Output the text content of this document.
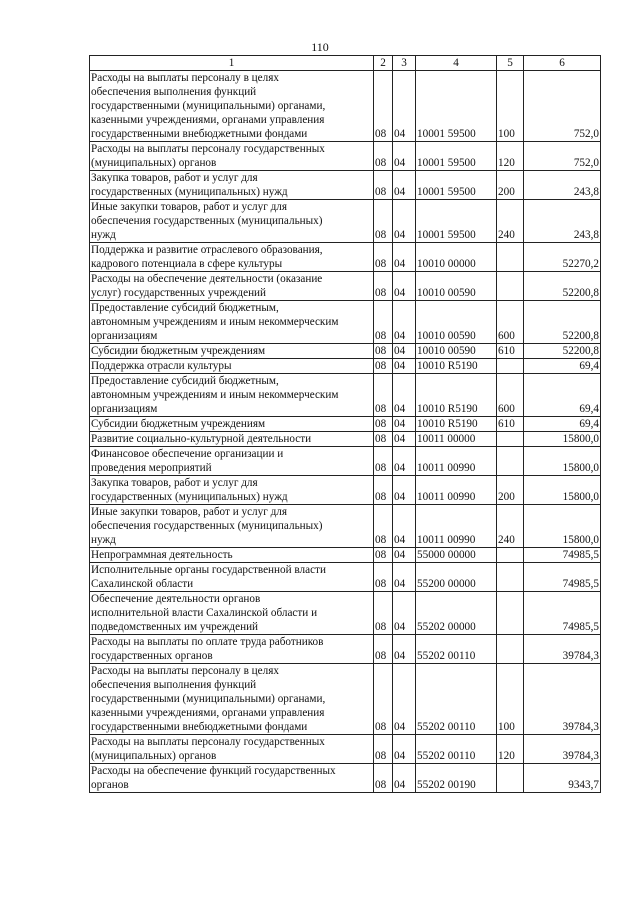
110
1	2	3	4	5	6
Расходы на выплаты персоналу в целях
обеспечения выполнения функций
государственными (муниципальными) органами,
казенными учреждениями, органами управления
государственными внебюджетными фондами	08	04	10001 59500	100	752,0
Расходы на выплаты персоналу государственных
(муниципальных) органов	08	04	10001 59500	120	752,0
Закупка товаров, работ и услуг для
государственных (муниципальных) нужд	08	04	10001 59500	200	243,8
Иные закупки товаров, работ и услуг для
обеспечения государственных (муниципальных)
нужд	08	04	10001 59500	240	243,8
Поддержка и развитие отраслевого образования,
кадрового потенциала в сфере культуры	08	04	10010 00000		52270,2
Расходы на обеспечение деятельности (оказание
услуг) государственных учреждений	08	04	10010 00590		52200,8
Предоставление субсидий бюджетным,
автономным учреждениям и иным некоммерческим
организациям	08	04	10010 00590	600	52200,8
Субсидии бюджетным учреждениям	08	04	10010 00590	610	52200,8
Поддержка отрасли культуры	08	04	10010 R5190		69,4
Предоставление субсидий бюджетным,
автономным учреждениям и иным некоммерческим
организациям	08	04	10010 R5190	600	69,4
Субсидии бюджетным учреждениям	08	04	10010 R5190	610	69,4
Развитие социально-культурной деятельности	08	04	10011 00000		15800,0
Финансовое обеспечение организации и
проведения мероприятий	08	04	10011 00990		15800,0
Закупка товаров, работ и услуг для
государственных (муниципальных) нужд	08	04	10011 00990	200	15800,0
Иные закупки товаров, работ и услуг для
обеспечения государственных (муниципальных)
нужд	08	04	10011 00990	240	15800,0
Непрограммная деятельность	08	04	55000 00000		74985,5
Исполнительные органы государственной власти
Сахалинской области	08	04	55200 00000		74985,5
Обеспечение деятельности органов
исполнительной власти Сахалинской области и
подведомственных им учреждений	08	04	55202 00000		74985,5
Расходы на выплаты по оплате труда работников
государственных органов	08	04	55202 00110		39784,3
Расходы на выплаты персоналу в целях
обеспечения выполнения функций
государственными (муниципальными) органами,
казенными учреждениями, органами управления
государственными внебюджетными фондами	08	04	55202 00110	100	39784,3
Расходы на выплаты персоналу государственных
(муниципальных) органов	08	04	55202 00110	120	39784,3
Расходы на обеспечение функций государственных
органов	08	04	55202 00190		9343,7
